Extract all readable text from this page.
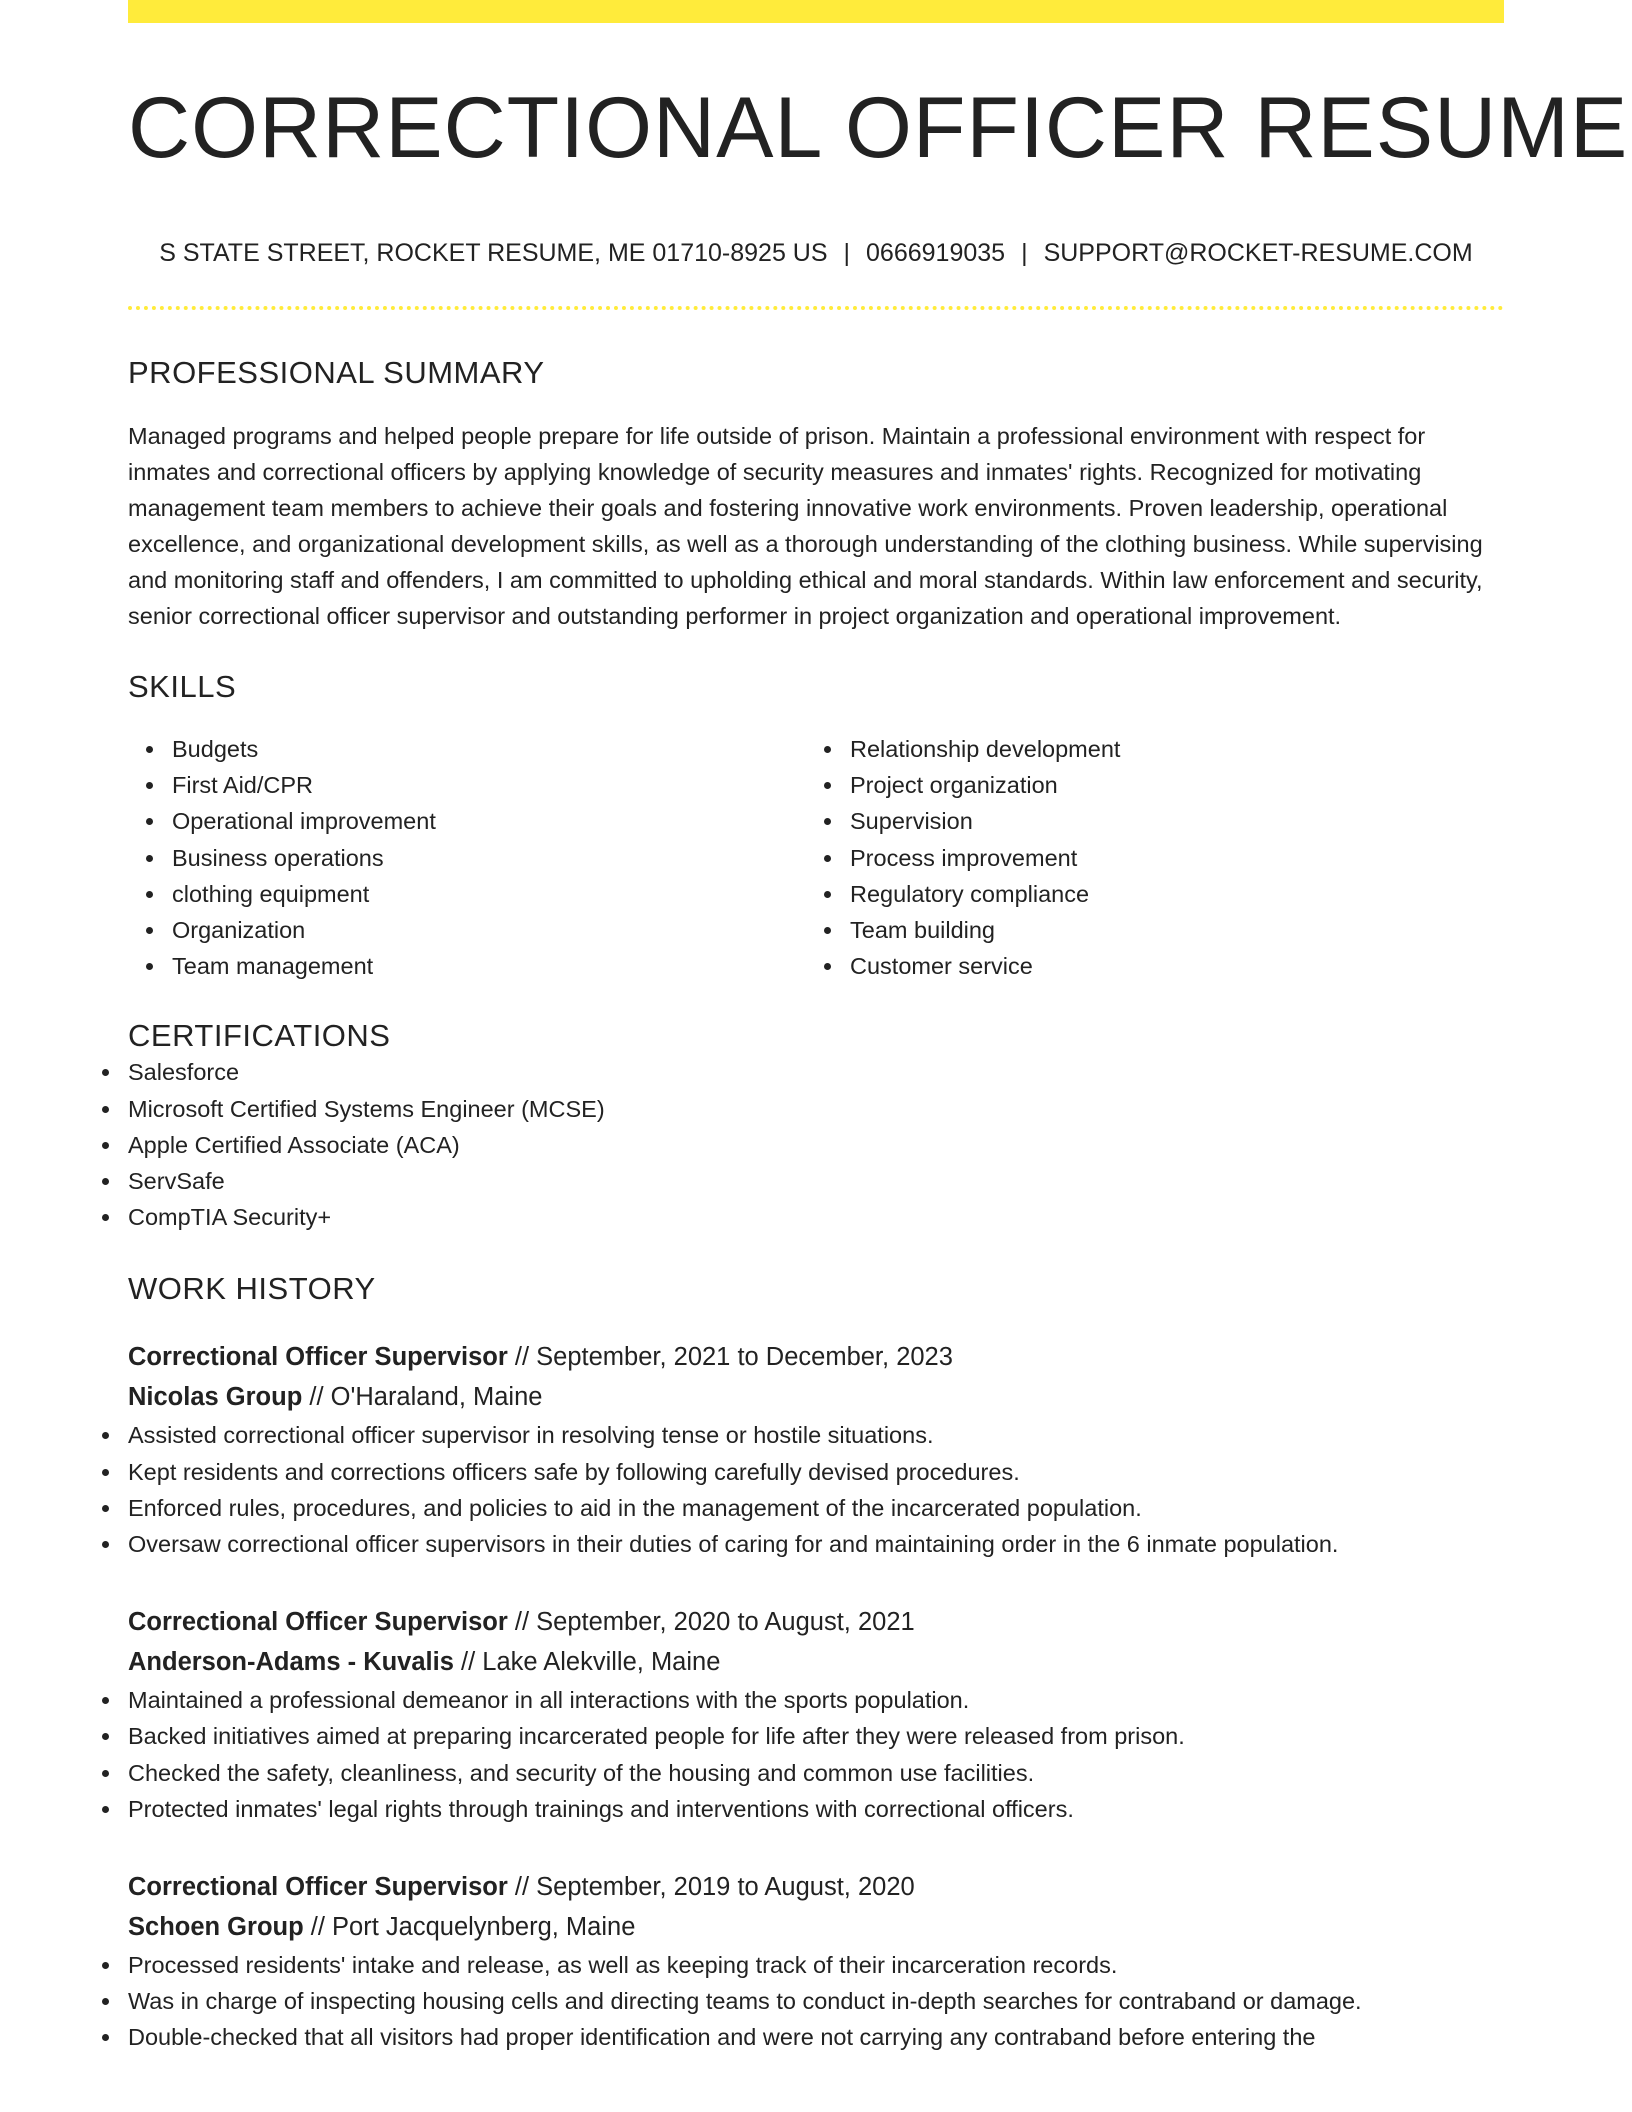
CORRECTIONAL OFFICER RESUME
S STATE STREET, ROCKET RESUME, ME 01710-8925 US | 0666919035 | SUPPORT@ROCKET-RESUME.COM
PROFESSIONAL SUMMARY

Managed programs and helped people prepare for life outside of prison. Maintain a professional environment with respect for inmates and correctional officers by applying knowledge of security measures and inmates' rights. Recognized for motivating management team members to achieve their goals and fostering innovative work environments. Proven leadership, operational excellence, and organizational development skills, as well as a thorough understanding of the clothing business. While supervising and monitoring staff and offenders, I am committed to upholding ethical and moral standards. Within law enforcement and security, senior correctional officer supervisor and outstanding performer in project organization and operational improvement.

SKILLS
Budgets
First Aid/CPR
Operational improvement
Business operations
clothing equipment
Organization
Team management
Relationship development
Project organization
Supervision
Process improvement
Regulatory compliance
Team building
Customer service
CERTIFICATIONS
Salesforce
Microsoft Certified Systems Engineer (MCSE)
Apple Certified Associate (ACA)
ServSafe
CompTIA Security+
WORK HISTORY
Correctional Officer Supervisor // September, 2021 to December, 2023
Nicolas Group // O'Haraland, Maine
Assisted correctional officer supervisor in resolving tense or hostile situations.
Kept residents and corrections officers safe by following carefully devised procedures.
Enforced rules, procedures, and policies to aid in the management of the incarcerated population.
Oversaw correctional officer supervisors in their duties of caring for and maintaining order in the 6 inmate population.
Correctional Officer Supervisor // September, 2020 to August, 2021
Anderson-Adams - Kuvalis // Lake Alekville, Maine
Maintained a professional demeanor in all interactions with the sports population.
Backed initiatives aimed at preparing incarcerated people for life after they were released from prison.
Checked the safety, cleanliness, and security of the housing and common use facilities.
Protected inmates' legal rights through trainings and interventions with correctional officers.
Correctional Officer Supervisor // September, 2019 to August, 2020
Schoen Group // Port Jacquelynberg, Maine
Processed residents' intake and release, as well as keeping track of their incarceration records.
Was in charge of inspecting housing cells and directing teams to conduct in-depth searches for contraband or damage.
Double-checked that all visitors had proper identification and were not carrying any contraband before entering the
